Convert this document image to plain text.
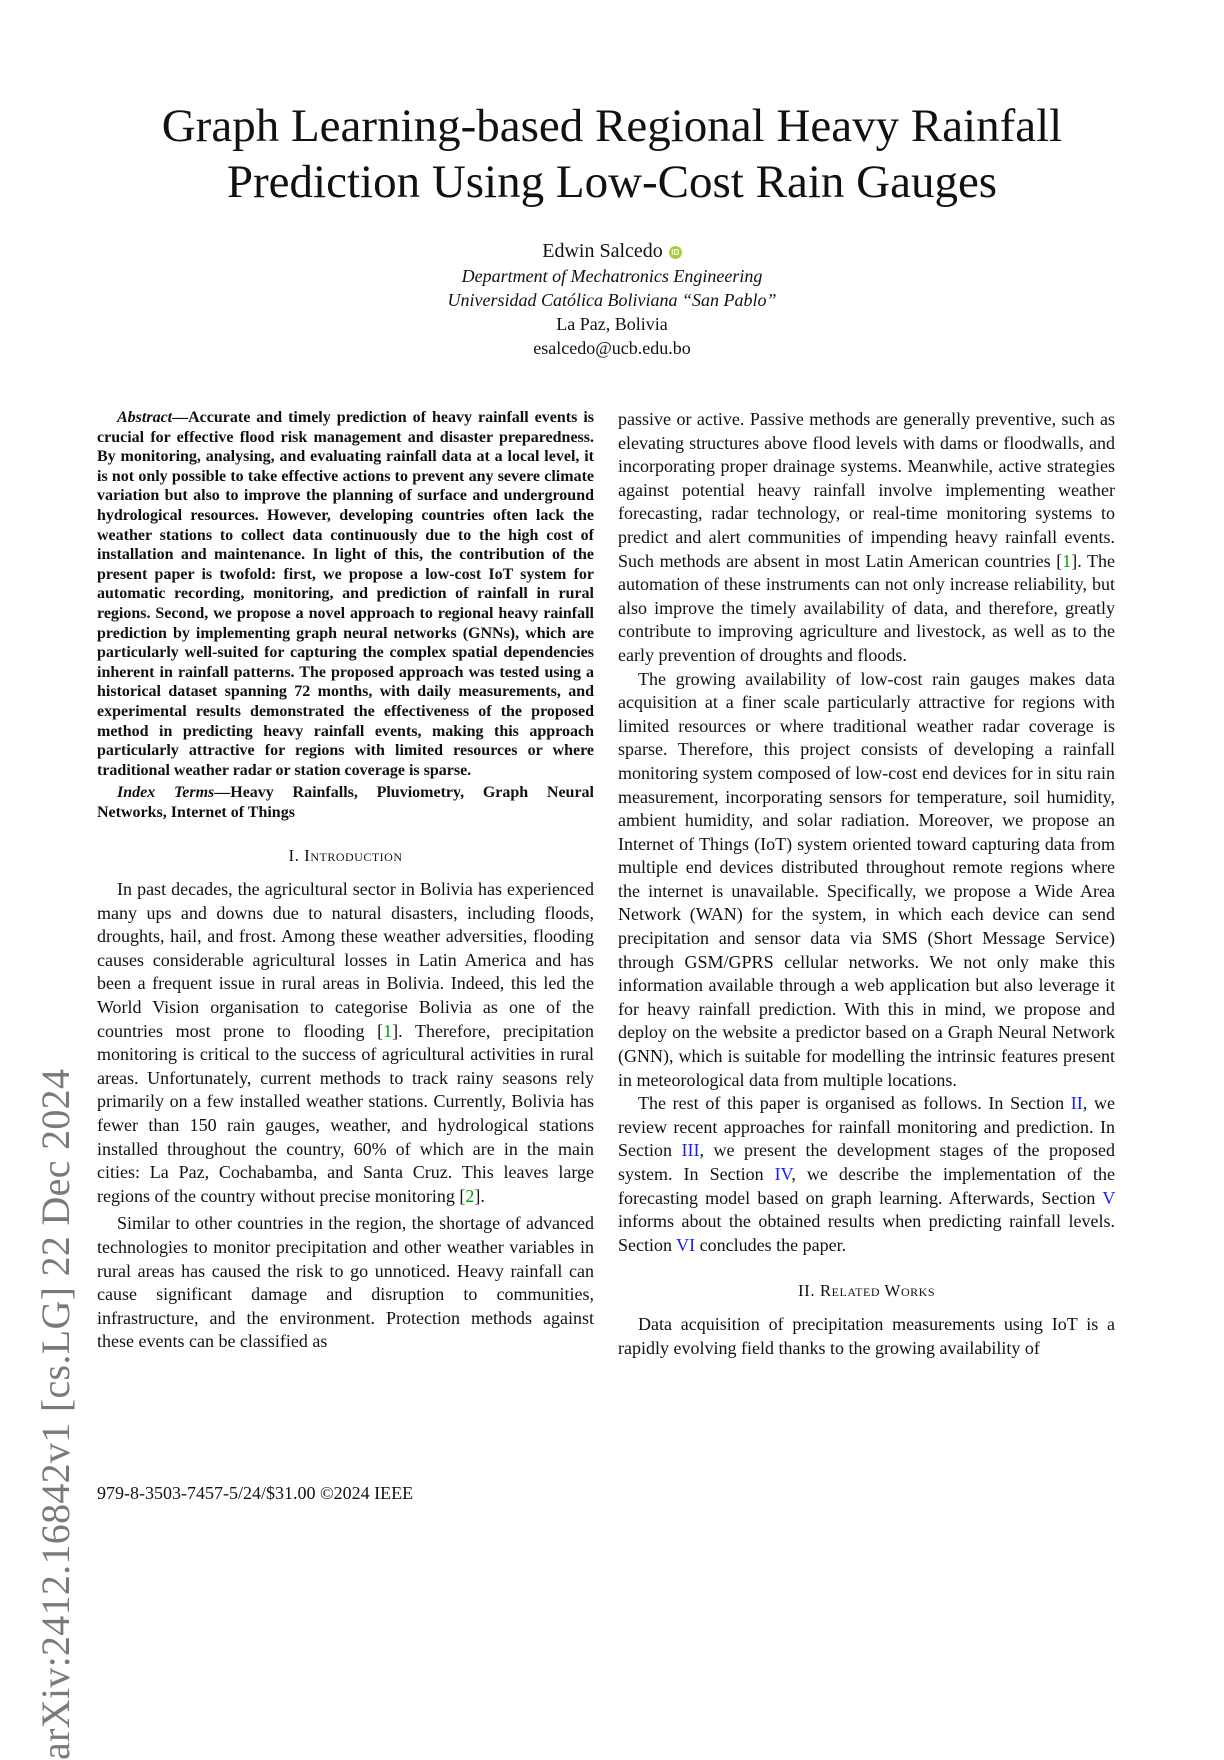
arXiv:2412.16842v1 [cs.LG] 22 Dec 2024
Graph Learning-based Regional Heavy Rainfall
Prediction Using Low-Cost Rain Gauges
Edwin Salcedo iD
Department of Mechatronics Engineering
Universidad Católica Boliviana “San Pablo”
La Paz, Bolivia
esalcedo@ucb.edu.bo

Abstract—Accurate and timely prediction of heavy rainfall events is crucial for effective flood risk management and disaster preparedness. By monitoring, analysing, and evaluating rainfall data at a local level, it is not only possible to take effective actions to prevent any severe climate variation but also to improve the planning of surface and underground hydrological resources. However, developing countries often lack the weather stations to collect data continuously due to the high cost of installation and maintenance. In light of this, the contribution of the present paper is twofold: first, we propose a low-cost IoT system for automatic recording, monitoring, and prediction of rainfall in rural regions. Second, we propose a novel approach to regional heavy rainfall prediction by implementing graph neural networks (GNNs), which are particularly well-suited for capturing the complex spatial dependencies inherent in rainfall patterns. The proposed approach was tested using a historical dataset spanning 72 months, with daily measurements, and experimental results demonstrated the effectiveness of the proposed method in predicting heavy rainfall events, making this approach particularly attractive for regions with limited resources or where traditional weather radar or station coverage is sparse.

Index Terms—Heavy Rainfalls, Pluviometry, Graph Neural Networks, Internet of Things

I. Introduction

In past decades, the agricultural sector in Bolivia has experienced many ups and downs due to natural disasters, including floods, droughts, hail, and frost. Among these weather adversities, flooding causes considerable agricultural losses in Latin America and has been a frequent issue in rural areas in Bolivia. Indeed, this led the World Vision organisation to categorise Bolivia as one of the countries most prone to flooding [1]. Therefore, precipitation monitoring is critical to the success of agricultural activities in rural areas. Unfortunately, current methods to track rainy seasons rely primarily on a few installed weather stations. Currently, Bolivia has fewer than 150 rain gauges, weather, and hydrological stations installed throughout the country, 60% of which are in the main cities: La Paz, Cochabamba, and Santa Cruz. This leaves large regions of the country without precise monitoring [2].

Similar to other countries in the region, the shortage of advanced technologies to monitor precipitation and other weather variables in rural areas has caused the risk to go unnoticed. Heavy rainfall can cause significant damage and disruption to communities, infrastructure, and the environment. Protection methods against these events can be classified as

passive or active. Passive methods are generally preventive, such as elevating structures above flood levels with dams or floodwalls, and incorporating proper drainage systems. Meanwhile, active strategies against potential heavy rainfall involve implementing weather forecasting, radar technology, or real-time monitoring systems to predict and alert communities of impending heavy rainfall events. Such methods are absent in most Latin American countries [1]. The automation of these instruments can not only increase reliability, but also improve the timely availability of data, and therefore, greatly contribute to improving agriculture and livestock, as well as to the early prevention of droughts and floods.

The growing availability of low-cost rain gauges makes data acquisition at a finer scale particularly attractive for regions with limited resources or where traditional weather radar coverage is sparse. Therefore, this project consists of developing a rainfall monitoring system composed of low-cost end devices for in situ rain measurement, incorporating sensors for temperature, soil humidity, ambient humidity, and solar radiation. Moreover, we propose an Internet of Things (IoT) system oriented toward capturing data from multiple end devices distributed throughout remote regions where the internet is unavailable. Specifically, we propose a Wide Area Network (WAN) for the system, in which each device can send precipitation and sensor data via SMS (Short Message Service) through GSM/GPRS cellular networks. We not only make this information available through a web application but also leverage it for heavy rainfall prediction. With this in mind, we propose and deploy on the website a predictor based on a Graph Neural Network (GNN), which is suitable for modelling the intrinsic features present in meteorological data from multiple locations.

The rest of this paper is organised as follows. In Section II, we review recent approaches for rainfall monitoring and prediction. In Section III, we present the development stages of the proposed system. In Section IV, we describe the implementation of the forecasting model based on graph learning. Afterwards, Section V informs about the obtained results when predicting rainfall levels. Section VI concludes the paper.

II. Related Works

Data acquisition of precipitation measurements using IoT is a rapidly evolving field thanks to the growing availability of

979-8-3503-7457-5/24/$31.00 ©2024 IEEE
